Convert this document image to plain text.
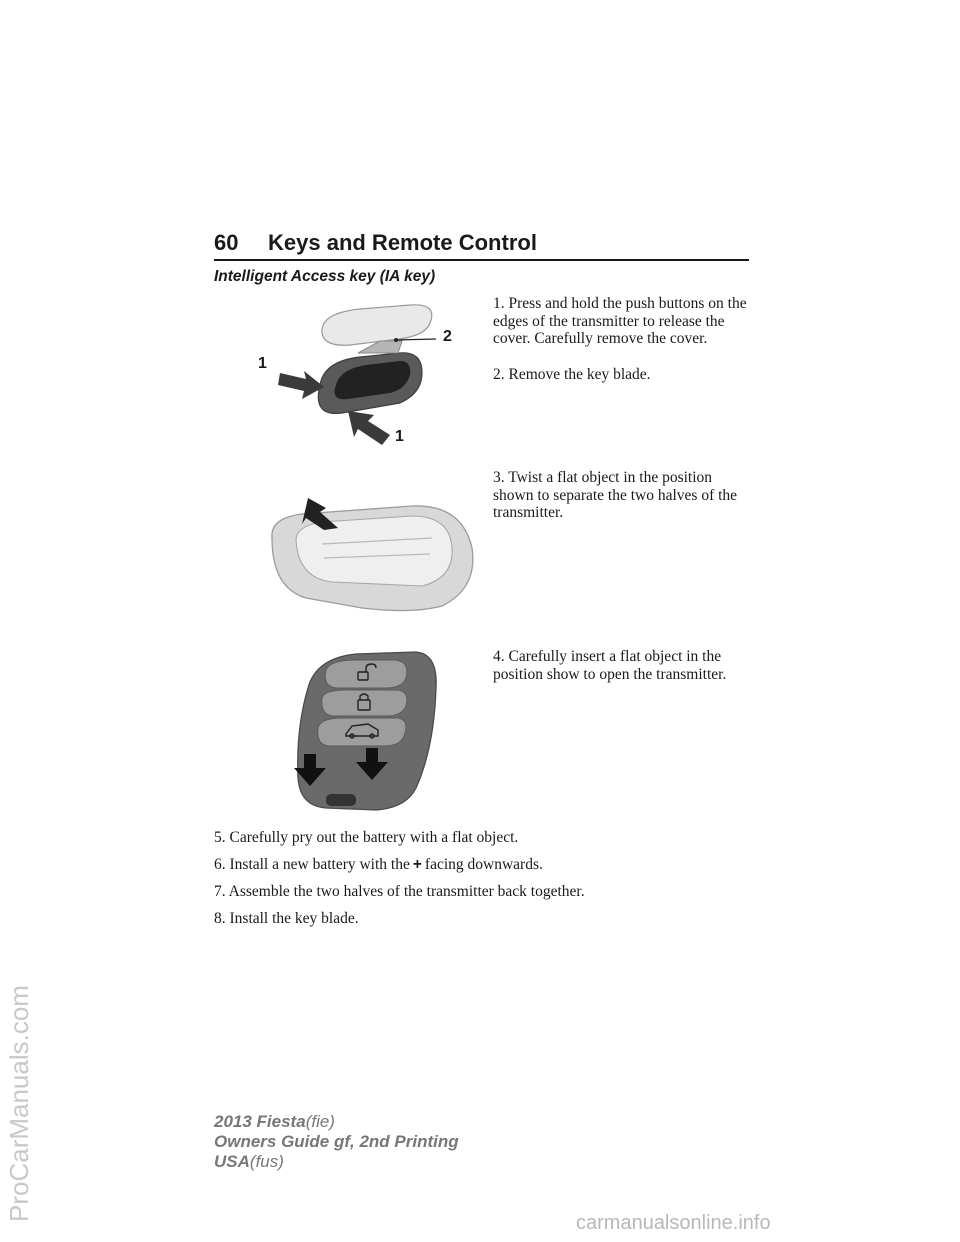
60 Keys and Remote Control
Intelligent Access key (IA key)
1
1
2

1. Press and hold the push buttons on the edges of the transmitter to release the cover. Carefully remove the cover.

2. Remove the key blade.

3. Twist a flat object in the position shown to separate the two halves of the transmitter.

4. Carefully insert a flat object in the position show to open the transmitter.

5. Carefully pry out the battery with a flat object.
6. Install a new battery with the + facing downwards.
7. Assemble the two halves of the transmitter back together.
8. Install the key blade.
2013 Fiesta(fie)
Owners Guide gf, 2nd Printing
USA(fus)
ProCarManuals.com
carmanualsonline.info
